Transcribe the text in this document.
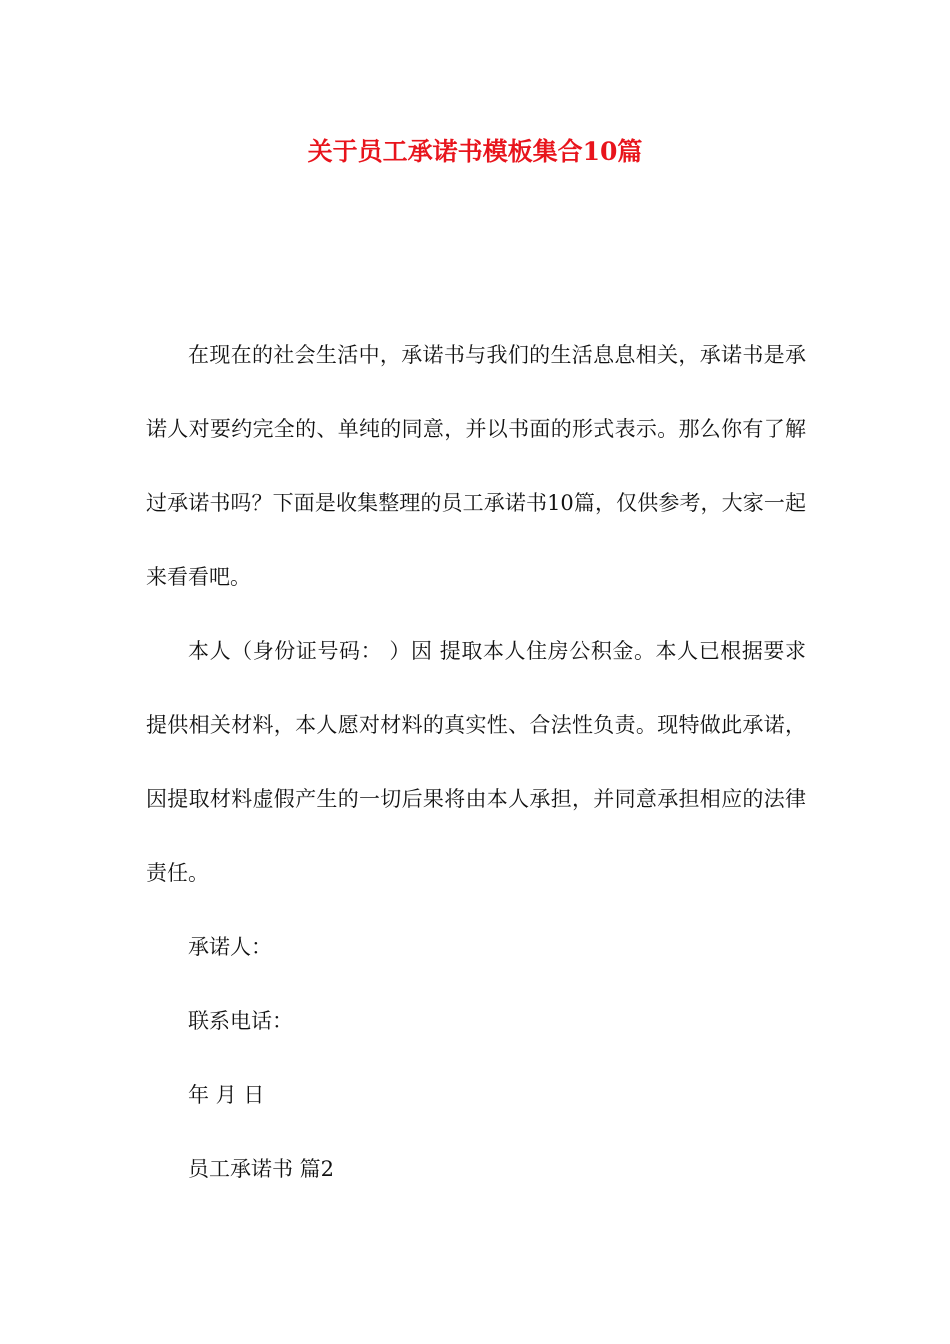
关于员工承诺书模板集合10篇

在现在的社会生活中，承诺书与我们的生活息息相关，承诺书是承诺人对要约完全的、单纯的同意，并以书面的形式表示。那么你有了解过承诺书吗？下面是收集整理的员工承诺书10篇，仅供参考，大家一起来看看吧。

本人（身份证号码： ）因 提取本人住房公积金。本人已根据要求提供相关材料，本人愿对材料的真实性、合法性负责。现特做此承诺，因提取材料虚假产生的一切后果将由本人承担，并同意承担相应的法律责任。

承诺人：

联系电话：

年 月 日

员工承诺书 篇2
